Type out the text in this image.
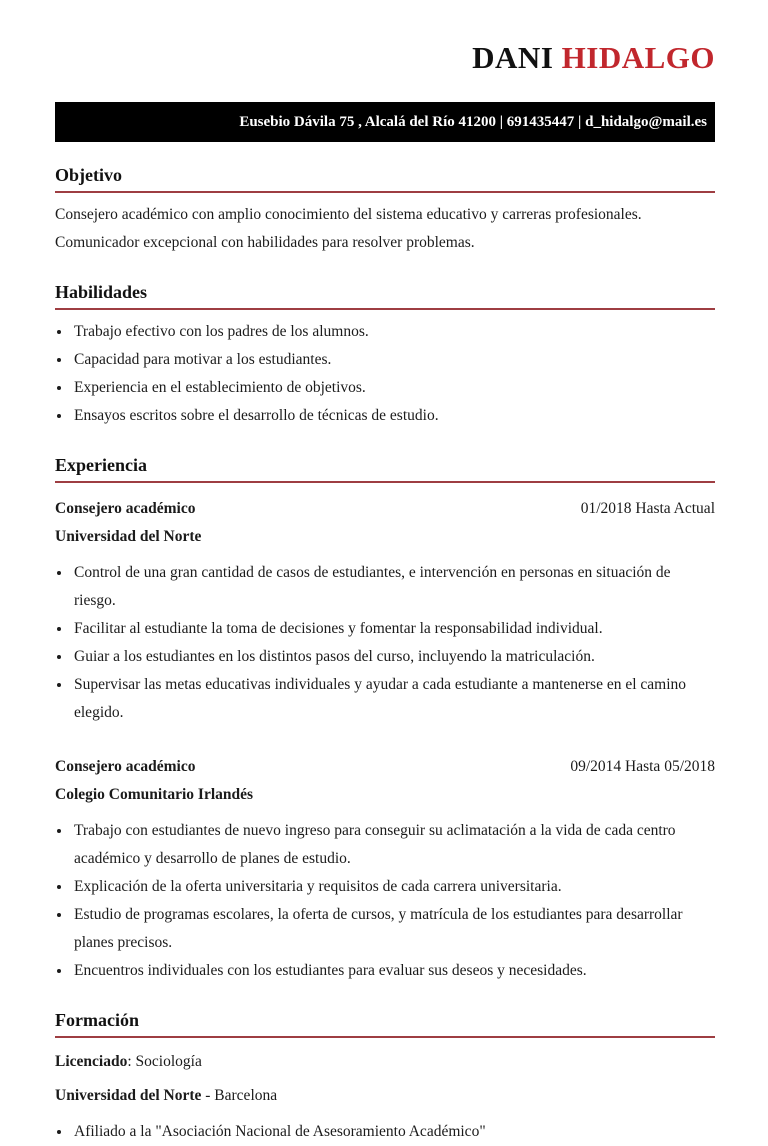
DANI HIDALGO
Eusebio Dávila 75 , Alcalá del Río 41200 | 691435447 | d_hidalgo@mail.es
Objetivo

Consejero académico con amplio conocimiento del sistema educativo y carreras profesionales. Comunicador excepcional con habilidades para resolver problemas.

Habilidades
• Trabajo efectivo con los padres de los alumnos.
• Capacidad para motivar a los estudiantes.
• Experiencia en el establecimiento de objetivos.
• Ensayos escritos sobre el desarrollo de técnicas de estudio.
Experiencia
Consejero académico	01/2018 Hasta Actual
Universidad del Norte
• Control de una gran cantidad de casos de estudiantes, e intervención en personas en situación de riesgo.
• Facilitar al estudiante la toma de decisiones y fomentar la responsabilidad individual.
• Guiar a los estudiantes en los distintos pasos del curso, incluyendo la matriculación.
• Supervisar las metas educativas individuales y ayudar a cada estudiante a mantenerse en el camino elegido.
Consejero académico	09/2014 Hasta 05/2018
Colegio Comunitario Irlandés
• Trabajo con estudiantes de nuevo ingreso para conseguir su aclimatación a la vida de cada centro académico y desarrollo de planes de estudio.
• Explicación de la oferta universitaria y requisitos de cada carrera universitaria.
• Estudio de programas escolares, la oferta de cursos, y matrícula de los estudiantes para desarrollar planes precisos.
• Encuentros individuales con los estudiantes para evaluar sus deseos y necesidades.
Formación
Licenciado: Sociología
Universidad del Norte - Barcelona
• Afiliado a la "Asociación Nacional de Asesoramiento Académico"
